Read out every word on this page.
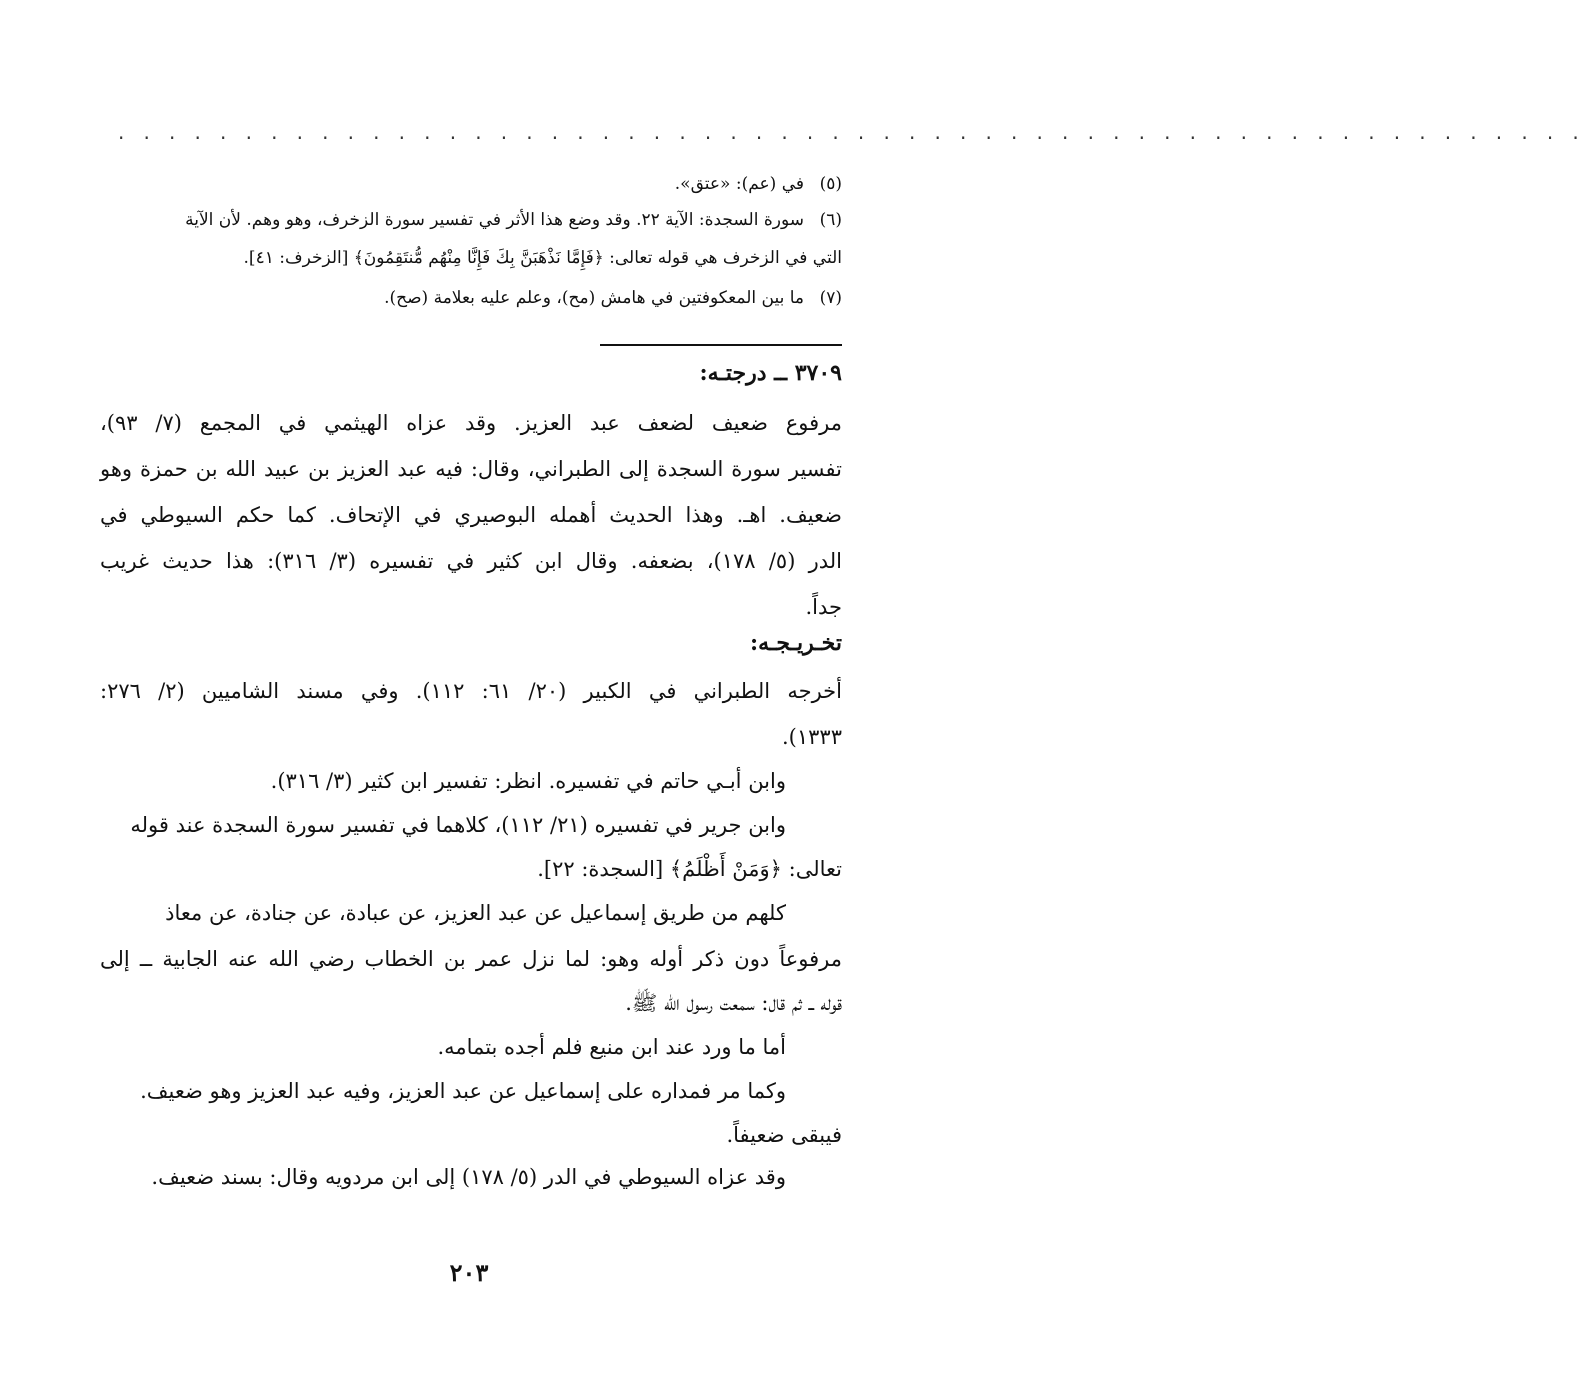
. . . . . . . . . . . . . . . . . . . . . . . . . . . . . . . . . . . . . . . . . . . . . . . . . . . . . . . . . .
(٥)في (عم): «عتق».
(٦)سورة السجدة: الآية ٢٢. وقد وضع هذا الأثر في تفسير سورة الزخرف، وهو وهم. لأن الآية
التي في الزخرف هي قوله تعالى: ﴿فَإِمَّا نَذْهَبَنَّ بِكَ فَإِنَّا مِنْهُم مُّنتَقِمُونَ﴾ [الزخرف: ٤١].
(٧)ما بين المعكوفتين في هامش (مح)، وعلم عليه بعلامة (صح).
٣٧٠٩ ــ درجتـه:
مرفوع ضعيف لضعف عبد العزيز. وقد عزاه الهيثمي في المجمع (٧/ ٩٣)،
تفسير سورة السجدة إلى الطبراني، وقال: فيه عبد العزيز بن عبيد الله بن حمزة وهو
ضعيف. اهـ. وهذا الحديث أهمله البوصيري في الإتحاف. كما حكم السيوطي في
الدر (٥/ ١٧٨)، بضعفه. وقال ابن كثير في تفسيره (٣/ ٣١٦): هذا حديث غريب
جداً.
تخـريـجـه:
أخرجه الطبراني في الكبير (٢٠/ ٦١: ١١٢). وفي مسند الشاميين (٢/ ٢٧٦:
١٣٣٣).
وابن أبـي حاتم في تفسيره. انظر: تفسير ابن كثير (٣/ ٣١٦).
وابن جرير في تفسيره (٢١/ ١١٢)، كلاهما في تفسير سورة السجدة عند قوله
تعالى: ﴿وَمَنْ أَظْلَمُ﴾ [السجدة: ٢٢].
كلهم من طريق إسماعيل عن عبد العزيز، عن عبادة، عن جنادة، عن معاذ
مرفوعاً دون ذكر أوله وهو: لما نزل عمر بن الخطاب رضي الله عنه الجابية ــ إلى
قوله ــ ثم قال: سمعت رسول الله ﷺ.
أما ما ورد عند ابن منيع فلم أجده بتمامه.
وكما مر فمداره على إسماعيل عن عبد العزيز، وفيه عبد العزيز وهو ضعيف.
فيبقى ضعيفاً.
وقد عزاه السيوطي في الدر (٥/ ١٧٨) إلى ابن مردويه وقال: بسند ضعيف.
٢٠٣
